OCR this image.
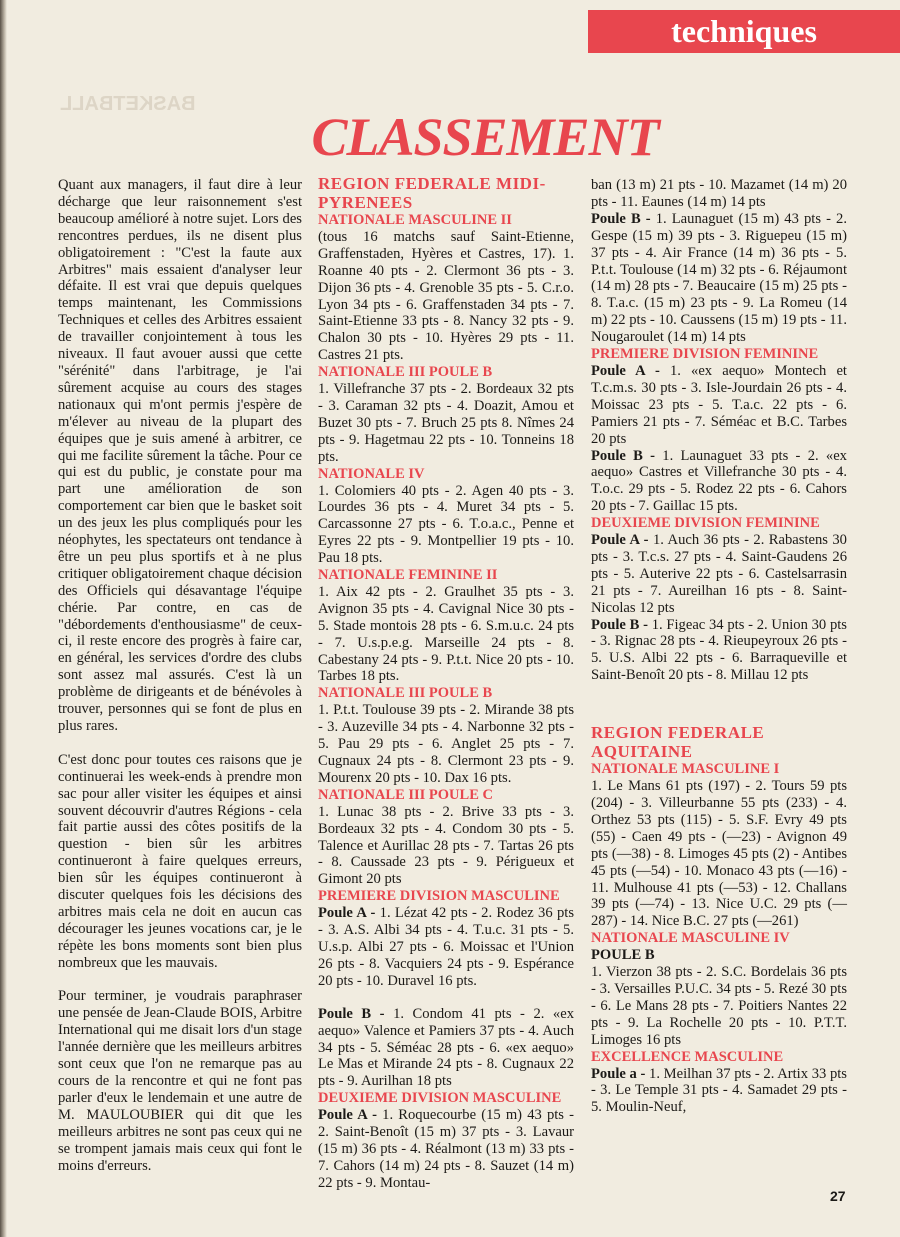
techniques
BASKETBALL
CLASSEMENT

Quant aux managers, il faut dire à leur décharge que leur raisonnement s'est beaucoup amélioré à notre sujet. Lors des rencontres perdues, ils ne disent plus obligatoirement : "C'est la faute aux Arbitres" mais essaient d'analyser leur défaite. Il est vrai que depuis quelques temps maintenant, les Commissions Techniques et celles des Arbitres essaient de travailler conjointement à tous les niveaux. Il faut avouer aussi que cette "sérénité" dans l'arbitrage, je l'ai sûrement acquise au cours des stages nationaux qui m'ont permis j'espère de m'élever au niveau de la plupart des équipes que je suis amené à arbitrer, ce qui me facilite sûrement la tâche. Pour ce qui est du public, je constate pour ma part une amélioration de son comportement car bien que le basket soit un des jeux les plus compliqués pour les néophytes, les spectateurs ont tendance à être un peu plus sportifs et à ne plus critiquer obligatoirement chaque décision des Officiels qui désavantage l'équipe chérie. Par contre, en cas de "débordements d'enthousiasme" de ceux-ci, il reste encore des progrès à faire car, en général, les services d'ordre des clubs sont assez mal assurés. C'est là un problème de dirigeants et de bénévoles à trouver, personnes qui se font de plus en plus rares.

C'est donc pour toutes ces raisons que je continuerai les week-ends à prendre mon sac pour aller visiter les équipes et ainsi souvent découvrir d'autres Régions - cela fait partie aussi des côtes positifs de la question - bien sûr les arbitres continueront à faire quelques erreurs, bien sûr les équipes continueront à discuter quelques fois les décisions des arbitres mais cela ne doit en aucun cas décourager les jeunes vocations car, je le répète les bons moments sont bien plus nombreux que les mauvais.

Pour terminer, je voudrais paraphraser une pensée de Jean-Claude BOIS, Arbitre International qui me disait lors d'un stage l'année dernière que les meilleurs arbitres sont ceux que l'on ne remarque pas au cours de la rencontre et qui ne font pas parler d'eux le lendemain et une autre de M. MAULOUBIER qui dit que les meilleurs arbitres ne sont pas ceux qui ne se trompent jamais mais ceux qui font le moins d'erreurs.

REGION FEDERALE MIDI-PYRENEES
NATIONALE MASCULINE II

(tous 16 matchs sauf Saint-Etienne, Graffenstaden, Hyères et Castres, 17). 1. Roanne 40 pts - 2. Clermont 36 pts - 3. Dijon 36 pts - 4. Grenoble 35 pts - 5. C.r.o. Lyon 34 pts - 6. Graffenstaden 34 pts - 7. Saint-Etienne 33 pts - 8. Nancy 32 pts - 9. Chalon 30 pts - 10. Hyères 29 pts - 11. Castres 21 pts.

NATIONALE III POULE B

1. Villefranche 37 pts - 2. Bordeaux 32 pts - 3. Caraman 32 pts - 4. Doazit, Amou et Buzet 30 pts - 7. Bruch 25 pts 8. Nîmes 24 pts - 9. Hagetmau 22 pts - 10. Tonneins 18 pts.

NATIONALE IV

1. Colomiers 40 pts - 2. Agen 40 pts - 3. Lourdes 36 pts - 4. Muret 34 pts - 5. Carcassonne 27 pts - 6. T.o.a.c., Penne et Eyres 22 pts - 9. Montpellier 19 pts - 10. Pau 18 pts.

NATIONALE FEMININE II

1. Aix 42 pts - 2. Graulhet 35 pts - 3. Avignon 35 pts - 4. Cavignal Nice 30 pts - 5. Stade montois 28 pts - 6. S.m.u.c. 24 pts - 7. U.s.p.e.g. Marseille 24 pts - 8. Cabestany 24 pts - 9. P.t.t. Nice 20 pts - 10. Tarbes 18 pts.

NATIONALE III POULE B

1. P.t.t. Toulouse 39 pts - 2. Mirande 38 pts - 3. Auzeville 34 pts - 4. Narbonne 32 pts - 5. Pau 29 pts - 6. Anglet 25 pts - 7. Cugnaux 24 pts - 8. Clermont 23 pts - 9. Mourenx 20 pts - 10. Dax 16 pts.

NATIONALE III POULE C

1. Lunac 38 pts - 2. Brive 33 pts - 3. Bordeaux 32 pts - 4. Condom 30 pts - 5. Talence et Aurillac 28 pts - 7. Tartas 26 pts - 8. Caussade 23 pts - 9. Périgueux et Gimont 20 pts

PREMIERE DIVISION MASCULINE

Poule A - 1. Lézat 42 pts - 2. Rodez 36 pts - 3. A.S. Albi 34 pts - 4. T.u.c. 31 pts - 5. U.s.p. Albi 27 pts - 6. Moissac et l'Union 26 pts - 8. Vacquiers 24 pts - 9. Espérance 20 pts - 10. Duravel 16 pts.

Poule B - 1. Condom 41 pts - 2. «ex aequo» Valence et Pamiers 37 pts - 4. Auch 34 pts - 5. Séméac 28 pts - 6. «ex aequo» Le Mas et Mirande 24 pts - 8. Cugnaux 22 pts - 9. Aurilhan 18 pts

DEUXIEME DIVISION MASCULINE

Poule A - 1. Roquecourbe (15 m) 43 pts - 2. Saint-Benoît (15 m) 37 pts - 3. Lavaur (15 m) 36 pts - 4. Réalmont (13 m) 33 pts - 7. Cahors (14 m) 24 pts - 8. Sauzet (14 m) 22 pts - 9. Montau-

ban (13 m) 21 pts - 10. Mazamet (14 m) 20 pts - 11. Eaunes (14 m) 14 pts

Poule B - 1. Launaguet (15 m) 43 pts - 2. Gespe (15 m) 39 pts - 3. Riguepeu (15 m) 37 pts - 4. Air France (14 m) 36 pts - 5. P.t.t. Toulouse (14 m) 32 pts - 6. Réjaumont (14 m) 28 pts - 7. Beaucaire (15 m) 25 pts - 8. T.a.c. (15 m) 23 pts - 9. La Romeu (14 m) 22 pts - 10. Caussens (15 m) 19 pts - 11. Nougaroulet (14 m) 14 pts

PREMIERE DIVISION FEMININE

Poule A - 1. «ex aequo» Montech et T.c.m.s. 30 pts - 3. Isle-Jourdain 26 pts - 4. Moissac 23 pts - 5. T.a.c. 22 pts - 6. Pamiers 21 pts - 7. Séméac et B.C. Tarbes 20 pts

Poule B - 1. Launaguet 33 pts - 2. «ex aequo» Castres et Villefranche 30 pts - 4. T.o.c. 29 pts - 5. Rodez 22 pts - 6. Cahors 20 pts - 7. Gaillac 15 pts.

DEUXIEME DIVISION FEMININE

Poule A - 1. Auch 36 pts - 2. Rabastens 30 pts - 3. T.c.s. 27 pts - 4. Saint-Gaudens 26 pts - 5. Auterive 22 pts - 6. Castelsarrasin 21 pts - 7. Aureilhan 16 pts - 8. Saint-Nicolas 12 pts

Poule B - 1. Figeac 34 pts - 2. Union 30 pts - 3. Rignac 28 pts - 4. Rieupeyroux 26 pts - 5. U.S. Albi 22 pts - 6. Barraqueville et Saint-Benoît 20 pts - 8. Millau 12 pts

REGION FEDERALE AQUITAINE
NATIONALE MASCULINE I

1. Le Mans 61 pts (197) - 2. Tours 59 pts (204) - 3. Villeurbanne 55 pts (233) - 4. Orthez 53 pts (115) - 5. S.F. Evry 49 pts (55) - Caen 49 pts - (—23) - Avignon 49 pts (—38) - 8. Limoges 45 pts (2) - Antibes 45 pts (—54) - 10. Monaco 43 pts (—16) - 11. Mulhouse 41 pts (—53) - 12. Challans 39 pts (—74) - 13. Nice U.C. 29 pts (—287) - 14. Nice B.C. 27 pts (—261)

NATIONALE MASCULINE IV

POULE B

1. Vierzon 38 pts - 2. S.C. Bordelais 36 pts - 3. Versailles P.U.C. 34 pts - 5. Rezé 30 pts - 6. Le Mans 28 pts - 7. Poitiers Nantes 22 pts - 9. La Rochelle 20 pts - 10. P.T.T. Limoges 16 pts

EXCELLENCE MASCULINE

Poule a - 1. Meilhan 37 pts - 2. Artix 33 pts - 3. Le Temple 31 pts - 4. Samadet 29 pts - 5. Moulin-Neuf,

27
